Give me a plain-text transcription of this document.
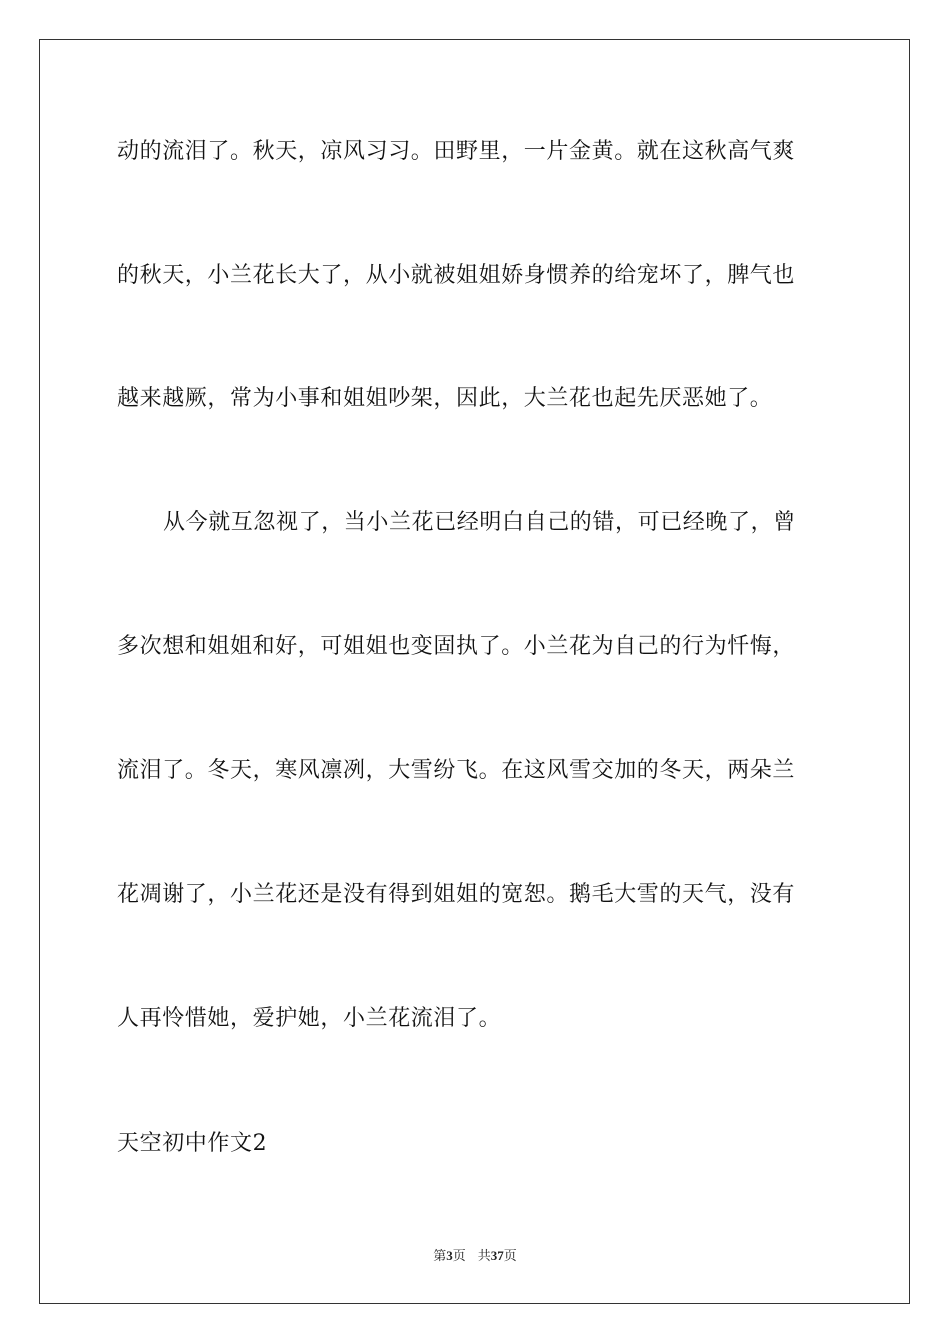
动的流泪了。秋天，凉风习习。田野里，一片金黄。就在这秋高气爽
的秋天，小兰花长大了，从小就被姐姐娇身惯养的给宠坏了，脾气也
越来越厥，常为小事和姐姐吵架，因此，大兰花也起先厌恶她了。
从今就互忽视了，当小兰花已经明白自己的错，可已经晚了，曾
多次想和姐姐和好，可姐姐也变固执了。小兰花为自己的行为忏悔，
流泪了。冬天，寒风凛冽，大雪纷飞。在这风雪交加的冬天，两朵兰
花凋谢了，小兰花还是没有得到姐姐的宽恕。鹅毛大雪的天气，没有
人再怜惜她，爱护她，小兰花流泪了。
天空初中作文2
第3页 共37页
